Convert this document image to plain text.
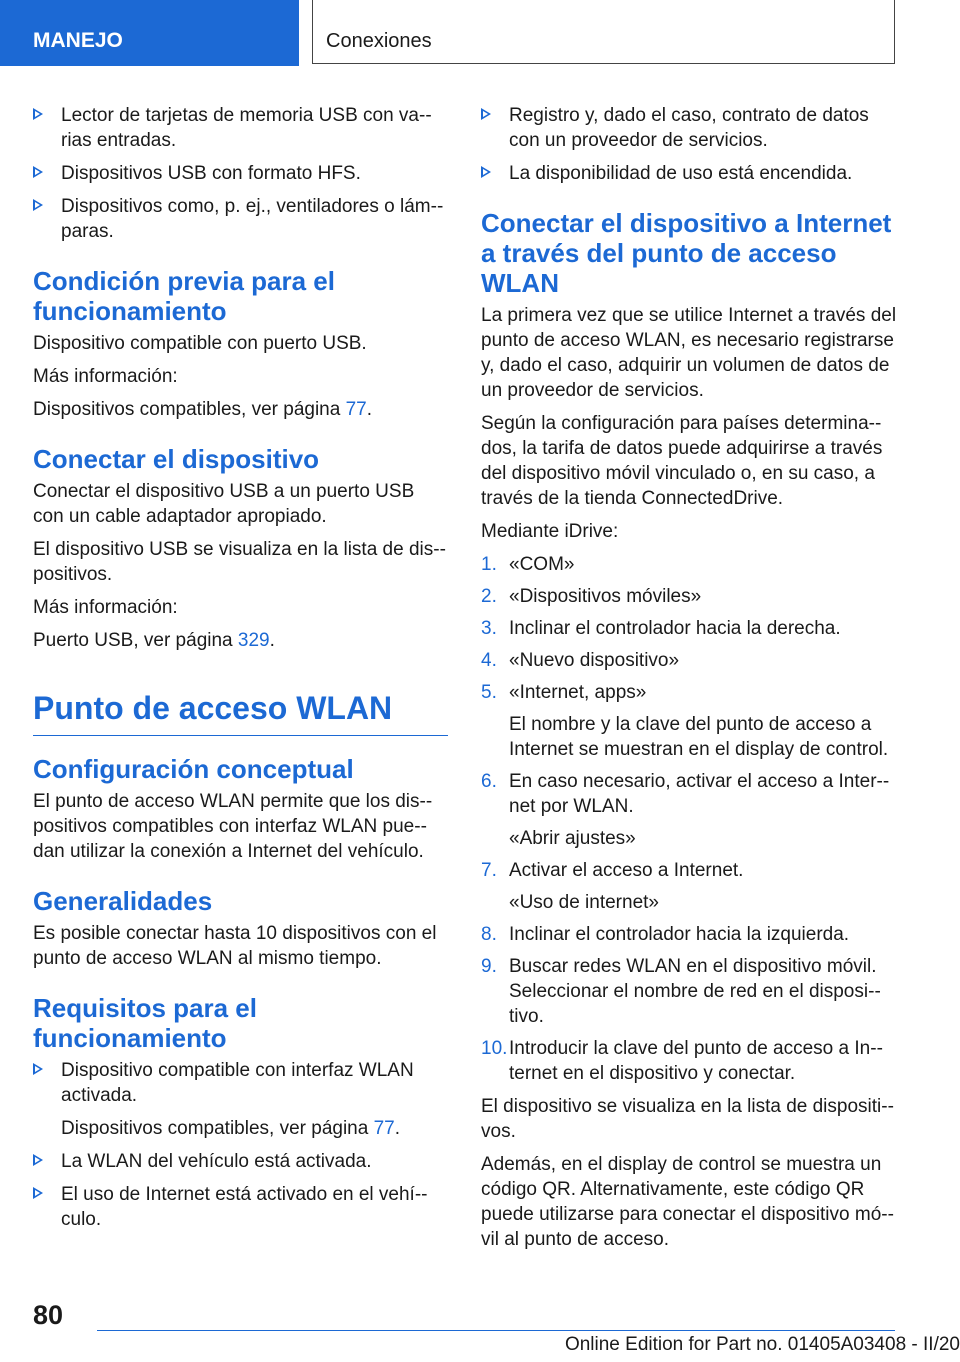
MANEJO	Conexiones
Lector de tarjetas de memoria USB con va-rias entradas.
Dispositivos USB con formato HFS.
Dispositivos como, p. ej., ventiladores o lám-paras.
Condición previa para el funcionamiento

Dispositivo compatible con puerto USB.

Más información:

Dispositivos compatibles, ver página 77.

Conectar el dispositivo

Conectar el dispositivo USB a un puerto USB con un cable adaptador apropiado.

El dispositivo USB se visualiza en la lista de dis-positivos.

Más información:

Puerto USB, ver página 329.

Punto de acceso WLAN
Configuración conceptual

El punto de acceso WLAN permite que los dis-positivos compatibles con interfaz WLAN pue-dan utilizar la conexión a Internet del vehículo.

Generalidades

Es posible conectar hasta 10 dispositivos con el punto de acceso WLAN al mismo tiempo.

Requisitos para el funcionamiento
Dispositivo compatible con interfaz WLAN activada.
Dispositivos compatibles, ver página 77.
La WLAN del vehículo está activada.
El uso de Internet está activado en el vehí-culo.
Registro y, dado el caso, contrato de datos con un proveedor de servicios.
La disponibilidad de uso está encendida.
Conectar el dispositivo a Internet a través del punto de acceso WLAN

La primera vez que se utilice Internet a través del punto de acceso WLAN, es necesario registrarse y, dado el caso, adquirir un volumen de datos de un proveedor de servicios.

Según la configuración para países determina-dos, la tarifa de datos puede adquirirse a través del dispositivo móvil vinculado o, en su caso, a través de la tienda ConnectedDrive.

Mediante iDrive:

1. «COM»
2. «Dispositivos móviles»
3. Inclinar el controlador hacia la derecha.
4. «Nuevo dispositivo»
5. «Internet, apps»
El nombre y la clave del punto de acceso a Internet se muestran en el display de control.
6. En caso necesario, activar el acceso a Inter-net por WLAN.
«Abrir ajustes»
7. Activar el acceso a Internet.
«Uso de internet»
8. Inclinar el controlador hacia la izquierda.
9. Buscar redes WLAN en el dispositivo móvil. Seleccionar el nombre de red en el disposi-tivo.
10. Introducir la clave del punto de acceso a In-ternet en el dispositivo y conectar.

El dispositivo se visualiza en la lista de dispositi-vos.

Además, en el display de control se muestra un código QR. Alternativamente, este código QR puede utilizarse para conectar el dispositivo mó-vil al punto de acceso.

80
Online Edition for Part no. 01405A03408 - II/20
